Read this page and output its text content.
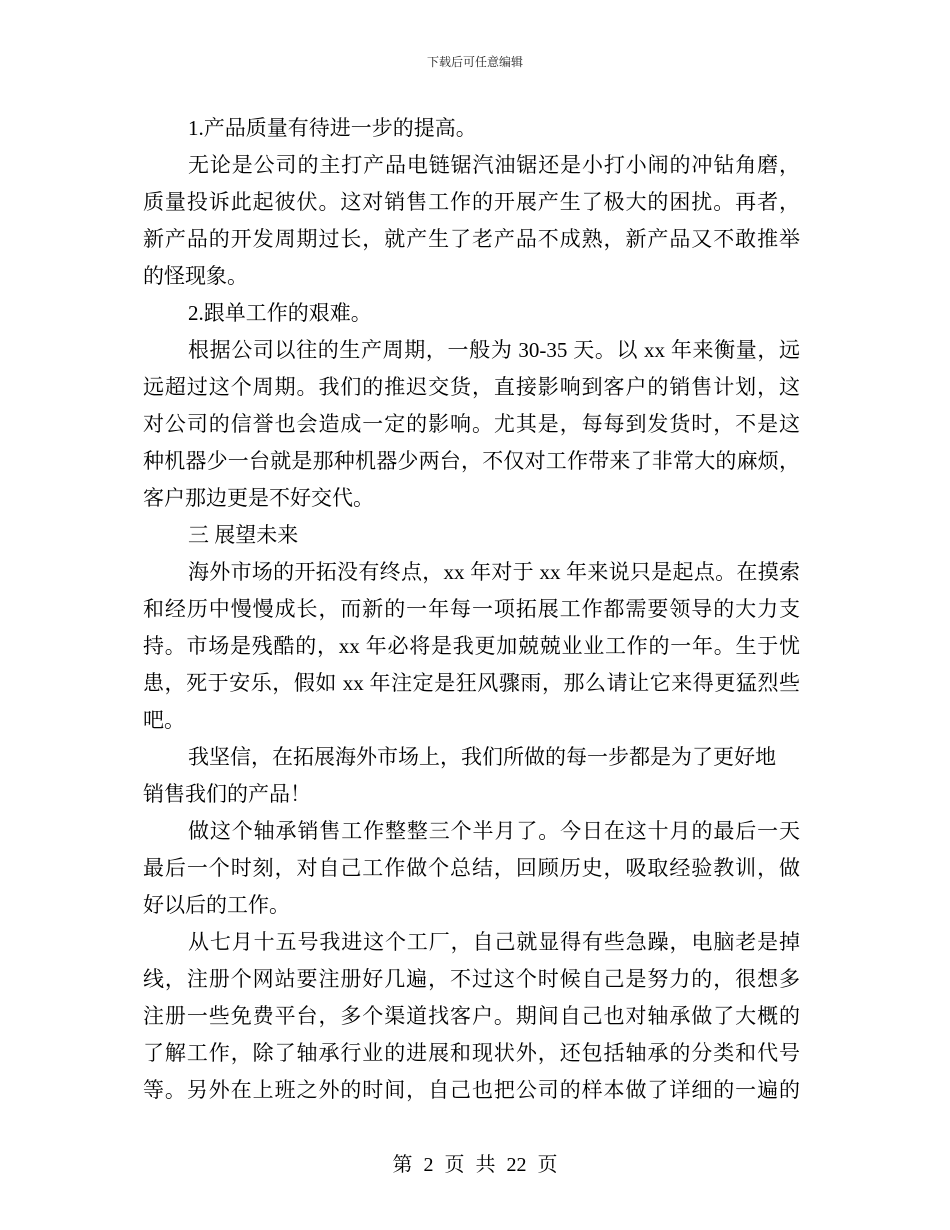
下载后可任意编辑
1.产品质量有待进一步的提高。
无论是公司的主打产品电链锯汽油锯还是小打小闹的冲钻角磨，
质量投诉此起彼伏。这对销售工作的开展产生了极大的困扰。再者，
新产品的开发周期过长，就产生了老产品不成熟，新产品又不敢推举
的怪现象。
2.跟单工作的艰难。
根据公司以往的生产周期，一般为 30-35 天。以 xx 年来衡量，远
远超过这个周期。我们的推迟交货，直接影响到客户的销售计划，这
对公司的信誉也会造成一定的影响。尤其是，每每到发货时，不是这
种机器少一台就是那种机器少两台，不仅对工作带来了非常大的麻烦，
客户那边更是不好交代。
三 展望未来
海外市场的开拓没有终点，xx 年对于 xx 年来说只是起点。在摸索
和经历中慢慢成长，而新的一年每一项拓展工作都需要领导的大力支
持。市场是残酷的，xx 年必将是我更加兢兢业业工作的一年。生于忧
患，死于安乐，假如 xx 年注定是狂风骤雨，那么请让它来得更猛烈些
吧。
我坚信，在拓展海外市场上，我们所做的每一步都是为了更好地
销售我们的产品！
做这个轴承销售工作整整三个半月了。今日在这十月的最后一天
最后一个时刻，对自己工作做个总结，回顾历史，吸取经验教训，做
好以后的工作。
从七月十五号我进这个工厂，自己就显得有些急躁，电脑老是掉
线，注册个网站要注册好几遍，不过这个时候自己是努力的，很想多
注册一些免费平台，多个渠道找客户。期间自己也对轴承做了大概的
了解工作，除了轴承行业的进展和现状外，还包括轴承的分类和代号
等。另外在上班之外的时间，自己也把公司的样本做了详细的一遍的
第 2 页 共 22 页
